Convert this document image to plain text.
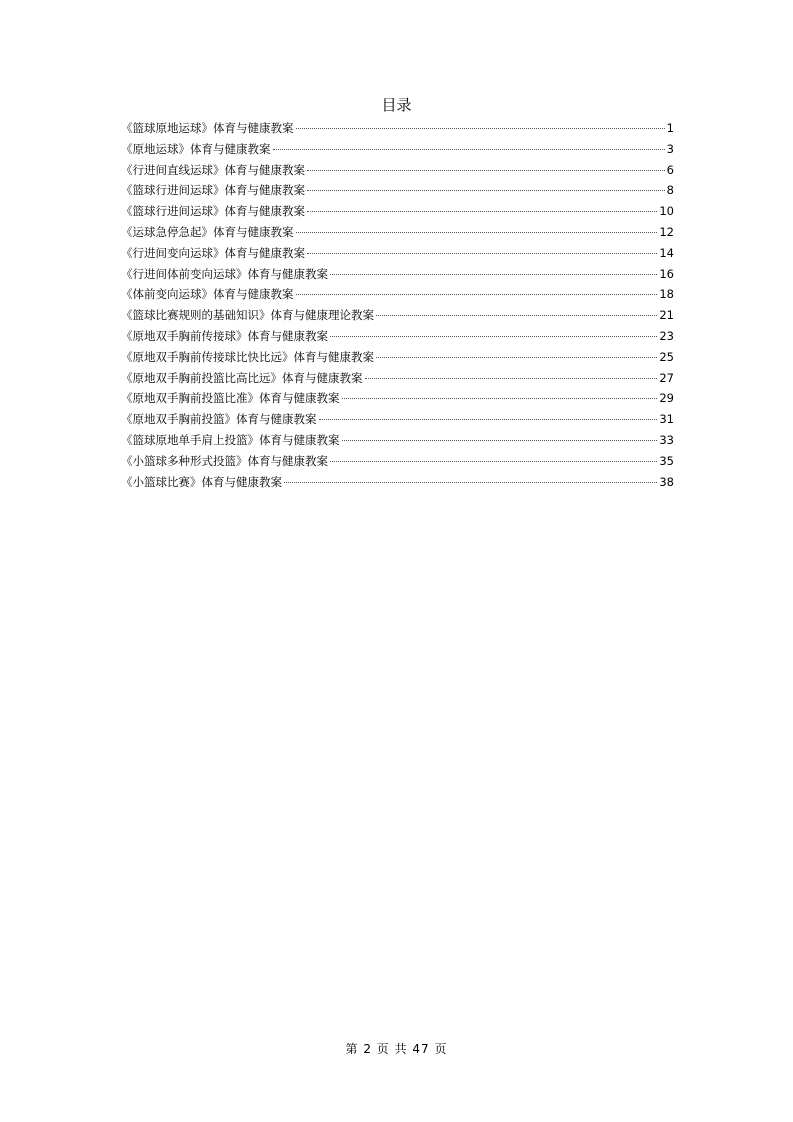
目录
《篮球原地运球》体育与健康教案	1
《原地运球》体育与健康教案	3
《行进间直线运球》体育与健康教案	6
《篮球行进间运球》体育与健康教案	8
《篮球行进间运球》体育与健康教案	10
《运球急停急起》体育与健康教案	12
《行进间变向运球》体育与健康教案	14
《行进间体前变向运球》体育与健康教案	16
《体前变向运球》体育与健康教案	18
《篮球比赛规则的基础知识》体育与健康理论教案	21
《原地双手胸前传接球》体育与健康教案	23
《原地双手胸前传接球比快比远》体育与健康教案	25
《原地双手胸前投篮比高比远》体育与健康教案	27
《原地双手胸前投篮比准》体育与健康教案	29
《原地双手胸前投篮》体育与健康教案	31
《篮球原地单手肩上投篮》体育与健康教案	33
《小篮球多种形式投篮》体育与健康教案	35
《小篮球比赛》体育与健康教案	38
第 2 页 共 47 页
